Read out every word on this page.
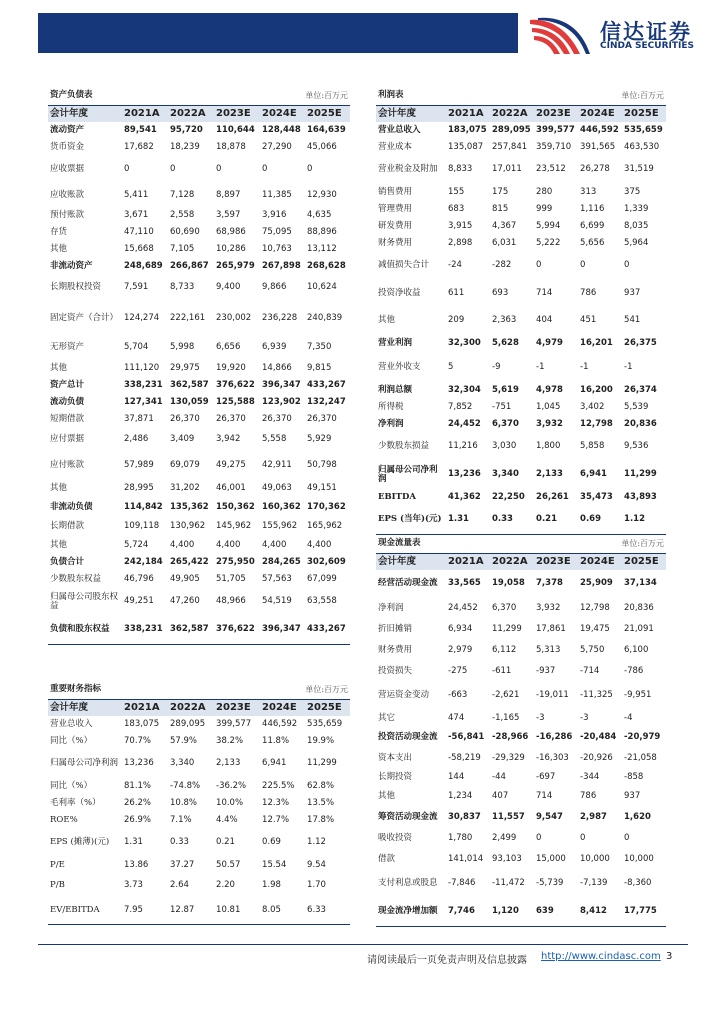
信达证券
CINDA SECURITIES
资产负债表			单位:百万元		
会计年度	2021A	2022A	2023E	2024E	2025E
流动资产	89,541	95,720	110,644	128,448	164,639
货币资金	17,682	18,239	18,878	27,290	45,066
应收票据	0	0	0	0	0
应收账款	5,411	7,128	8,897	11,385	12,930
预付账款	3,671	2,558	3,597	3,916	4,635
存货	47,110	60,690	68,986	75,095	88,896
其他	15,668	7,105	10,286	10,763	13,112
非流动资产	248,689	266,867	265,979	267,898	268,628
长期股权投资	7,591	8,733	9,400	9,866	10,624
固定资产（合计）	124,274	222,161	230,002	236,228	240,839
无形资产	5,704	5,998	6,656	6,939	7,350
其他	111,120	29,975	19,920	14,866	9,815
资产总计	338,231	362,587	376,622	396,347	433,267
流动负债	127,341	130,059	125,588	123,902	132,247
短期借款	37,871	26,370	26,370	26,370	26,370
应付票据	2,486	3,409	3,942	5,558	5,929
应付账款	57,989	69,079	49,275	42,911	50,798
其他	28,995	31,202	46,001	49,063	49,151
非流动负债	114,842	135,362	150,362	160,362	170,362
长期借款	109,118	130,962	145,962	155,962	165,962
其他	5,724	4,400	4,400	4,400	4,400
负债合计	242,184	265,422	275,950	284,265	302,609
少数股东权益	46,796	49,905	51,705	57,563	67,099
归属母公司股东权益	49,251	47,260	48,966	54,519	63,558
负债和股东权益	338,231	362,587	376,622	396,347	433,267
利润表			单位:百万元		
会计年度	2021A	2022A	2023E	2024E	2025E
营业总收入	183,075	289,095	399,577	446,592	535,659
营业成本	135,087	257,841	359,710	391,565	463,530
营业税金及附加	8,833	17,011	23,512	26,278	31,519
销售费用	155	175	280	313	375
管理费用	683	815	999	1,116	1,339
研发费用	3,915	4,367	5,994	6,699	8,035
财务费用	2,898	6,031	5,222	5,656	5,964
减值损失合计	-24	-282	0	0	0
投资净收益	611	693	714	786	937
其他	209	2,363	404	451	541
营业利润	32,300	5,628	4,979	16,201	26,375
营业外收支	5	-9	-1	-1	-1
利润总额	32,304	5,619	4,978	16,200	26,374
所得税	7,852	-751	1,045	3,402	5,539
净利润	24,452	6,370	3,932	12,798	20,836
少数股东损益	11,216	3,030	1,800	5,858	9,536
归属母公司净利润	13,236	3,340	2,133	6,941	11,299
EBITDA	41,362	22,250	26,261	35,473	43,893
EPS (当年)(元)	1.31	0.33	0.21	0.69	1.12
重要财务指标			单位:百万元		
会计年度	2021A	2022A	2023E	2024E	2025E
营业总收入	183,075	289,095	399,577	446,592	535,659
同比（%）	70.7%	57.9%	38.2%	11.8%	19.9%
归属母公司净利润	13,236	3,340	2,133	6,941	11,299
同比（%）	81.1%	-74.8%	-36.2%	225.5%	62.8%
毛利率（%）	26.2%	10.8%	10.0%	12.3%	13.5%
ROE%	26.9%	7.1%	4.4%	12.7%	17.8%
EPS (摊薄)(元)	1.31	0.33	0.21	0.69	1.12
P/E	13.86	37.27	50.57	15.54	9.54
P/B	3.73	2.64	2.20	1.98	1.70
EV/EBITDA	7.95	12.87	10.81	8.05	6.33
现金流量表			单位:百万元		
会计年度	2021A	2022A	2023E	2024E	2025E
经营活动现金流	33,565	19,058	7,378	25,909	37,134
净利润	24,452	6,370	3,932	12,798	20,836
折旧摊销	6,934	11,299	17,861	19,475	21,091
财务费用	2,979	6,112	5,313	5,750	6,100
投资损失	-275	-611	-937	-714	-786
营运资金变动	-663	-2,621	-19,011	-11,325	-9,951
其它	474	-1,165	-3	-3	-4
投资活动现金流	-56,841	-28,966	-16,286	-20,484	-20,979
资本支出	-58,219	-29,329	-16,303	-20,926	-21,058
长期投资	144	-44	-697	-344	-858
其他	1,234	407	714	786	937
筹资活动现金流	30,837	11,557	9,547	2,987	1,620
吸收投资	1,780	2,499	0	0	0
借款	141,014	93,103	15,000	10,000	10,000
支付利息或股息	-7,846	-11,472	-5,739	-7,139	-8,360
现金流净增加额	7,746	1,120	639	8,412	17,775
请阅读最后一页免责声明及信息披露 http://www.cindasc.com 3
